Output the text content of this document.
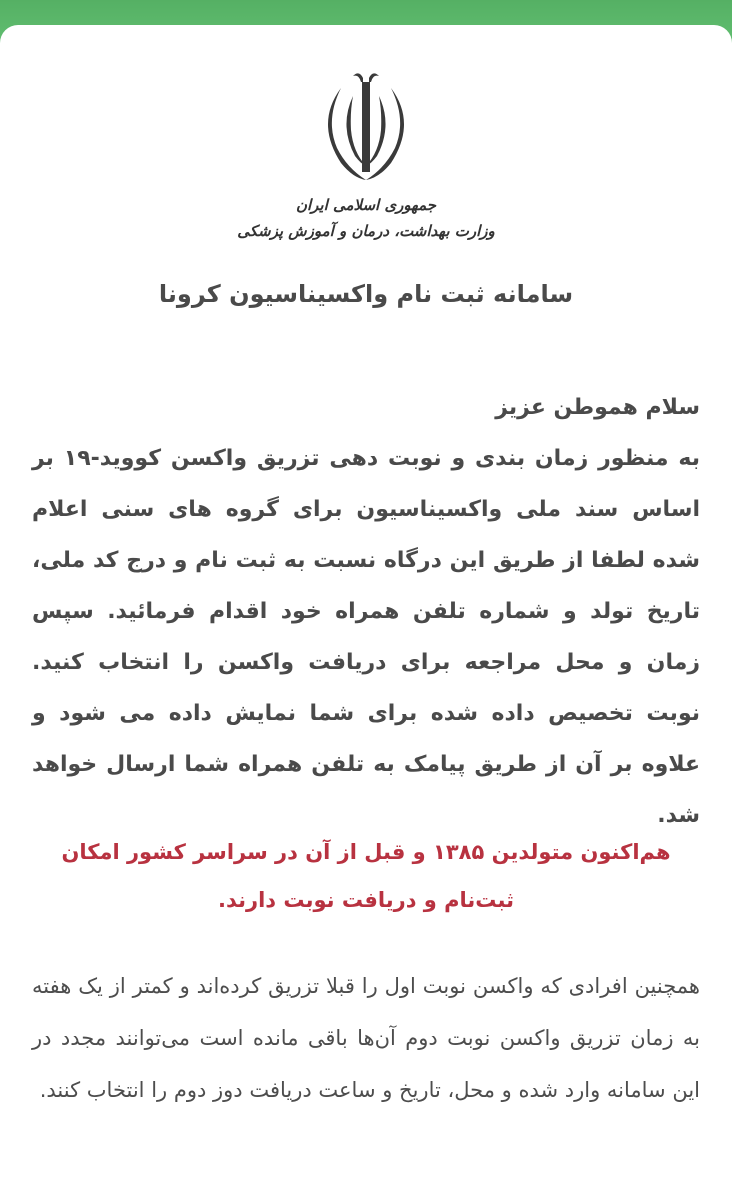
جمهوری اسلامی ایران
وزارت بهداشت، درمان و آموزش پزشکی
سامانه ثبت نام واکسیناسیون کرونا
سلام هموطن عزیز
به منظور زمان بندی و نوبت دهی تزریق واکسن کووید-۱۹ بر اساس سند ملی واکسیناسیون برای گروه های سنی اعلام شده لطفا از طریق این درگاه نسبت به ثبت نام و درج کد ملی، تاریخ تولد و شماره تلفن همراه خود اقدام فرمائید. سپس زمان و محل مراجعه برای دریافت واکسن را انتخاب کنید. نوبت تخصیص داده شده برای شما نمایش داده می شود و علاوه بر آن از طریق پیامک به تلفن همراه شما ارسال خواهد شد.
هم‌اکنون متولدین ۱۳۸۵ و قبل از آن در سراسر کشور امکان ثبت‌نام و دریافت نوبت دارند.
همچنین افرادی که واکسن نوبت اول را قبلا تزریق کرده‌اند و کمتر از یک هفته به زمان تزریق واکسن نوبت دوم آن‌ها باقی مانده است می‌توانند مجدد در این سامانه وارد شده و محل، تاریخ و ساعت دریافت دوز دوم را انتخاب کنند.
